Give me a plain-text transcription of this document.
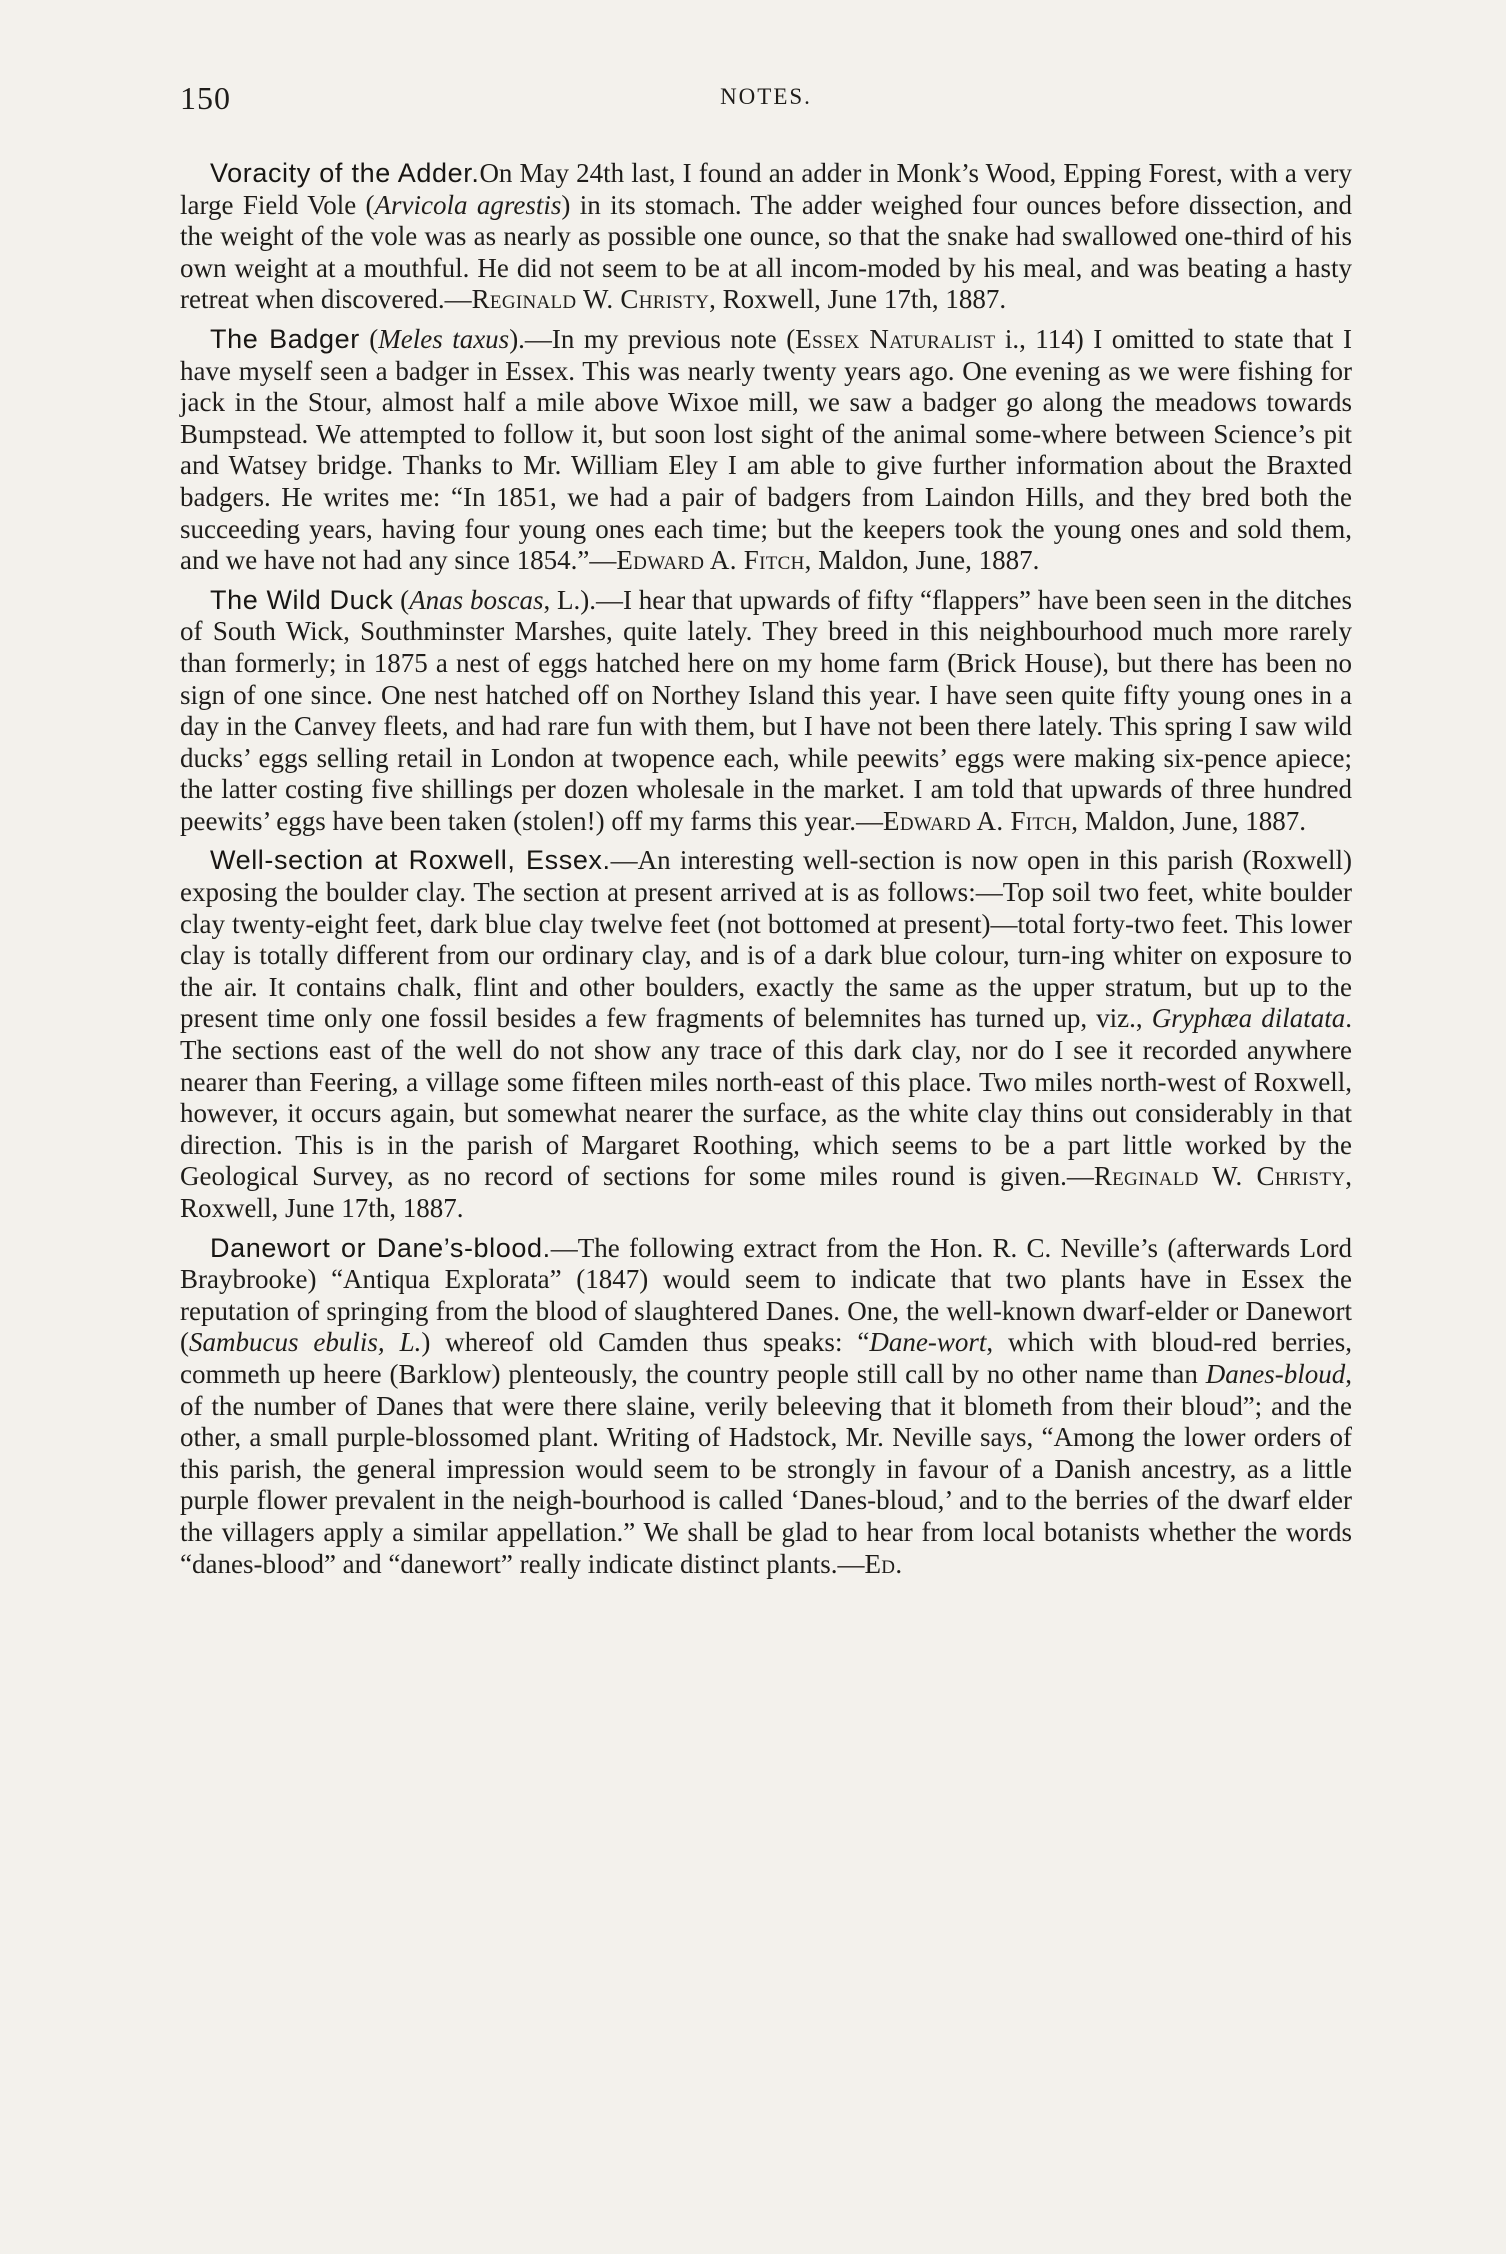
150	NOTES.

Voracity of the Adder.On May 24th last, I found an adder in Monk’s Wood, Epping Forest, with a very large Field Vole (Arvicola agrestis) in its stomach. The adder weighed four ounces before dissection, and the weight of the vole was as nearly as possible one ounce, so that the snake had swallowed one-third of his own weight at a mouthful. He did not seem to be at all incom-moded by his meal, and was beating a hasty retreat when discovered.—Reginald W. Christy, Roxwell, June 17th, 1887.

The Badger (Meles taxus).—In my previous note (Essex Naturalist i., 114) I omitted to state that I have myself seen a badger in Essex. This was nearly twenty years ago. One evening as we were fishing for jack in the Stour, almost half a mile above Wixoe mill, we saw a badger go along the meadows towards Bumpstead. We attempted to follow it, but soon lost sight of the animal some-where between Science’s pit and Watsey bridge. Thanks to Mr. William Eley I am able to give further information about the Braxted badgers. He writes me: “In 1851, we had a pair of badgers from Laindon Hills, and they bred both the succeeding years, having four young ones each time; but the keepers took the young ones and sold them, and we have not had any since 1854.”—Edward A. Fitch, Maldon, June, 1887.

The Wild Duck (Anas boscas, L.).—I hear that upwards of fifty “flappers” have been seen in the ditches of South Wick, Southminster Marshes, quite lately. They breed in this neighbourhood much more rarely than formerly; in 1875 a nest of eggs hatched here on my home farm (Brick House), but there has been no sign of one since. One nest hatched off on Northey Island this year. I have seen quite fifty young ones in a day in the Canvey fleets, and had rare fun with them, but I have not been there lately. This spring I saw wild ducks’ eggs selling retail in London at twopence each, while peewits’ eggs were making six-pence apiece; the latter costing five shillings per dozen wholesale in the market. I am told that upwards of three hundred peewits’ eggs have been taken (stolen!) off my farms this year.—Edward A. Fitch, Maldon, June, 1887.

Well-section at Roxwell, Essex.—An interesting well-section is now open in this parish (Roxwell) exposing the boulder clay. The section at present arrived at is as follows:—Top soil two feet, white boulder clay twenty-eight feet, dark blue clay twelve feet (not bottomed at present)—total forty-two feet. This lower clay is totally different from our ordinary clay, and is of a dark blue colour, turn-ing whiter on exposure to the air. It contains chalk, flint and other boulders, exactly the same as the upper stratum, but up to the present time only one fossil besides a few fragments of belemnites has turned up, viz., Gryphæa dilatata. The sections east of the well do not show any trace of this dark clay, nor do I see it recorded anywhere nearer than Feering, a village some fifteen miles north-east of this place. Two miles north-west of Roxwell, however, it occurs again, but somewhat nearer the surface, as the white clay thins out considerably in that direction. This is in the parish of Margaret Roothing, which seems to be a part little worked by the Geological Survey, as no record of sections for some miles round is given.—Reginald W. Christy, Roxwell, June 17th, 1887.

Danewort or Dane’s-blood.—The following extract from the Hon. R. C. Neville’s (afterwards Lord Braybrooke) “Antiqua Explorata” (1847) would seem to indicate that two plants have in Essex the reputation of springing from the blood of slaughtered Danes. One, the well-known dwarf-elder or Danewort (Sambucus ebulis, L.) whereof old Camden thus speaks: “Dane-wort, which with bloud-red berries, commeth up heere (Barklow) plenteously, the country people still call by no other name than Danes-bloud, of the number of Danes that were there slaine, verily beleeving that it blometh from their bloud”; and the other, a small purple-blossomed plant. Writing of Hadstock, Mr. Neville says, “Among the lower orders of this parish, the general impression would seem to be strongly in favour of a Danish ancestry, as a little purple flower prevalent in the neigh-bourhood is called ‘Danes-bloud,’ and to the berries of the dwarf elder the villagers apply a similar appellation.” We shall be glad to hear from local botanists whether the words “danes-blood” and “danewort” really indicate distinct plants.—Ed.
